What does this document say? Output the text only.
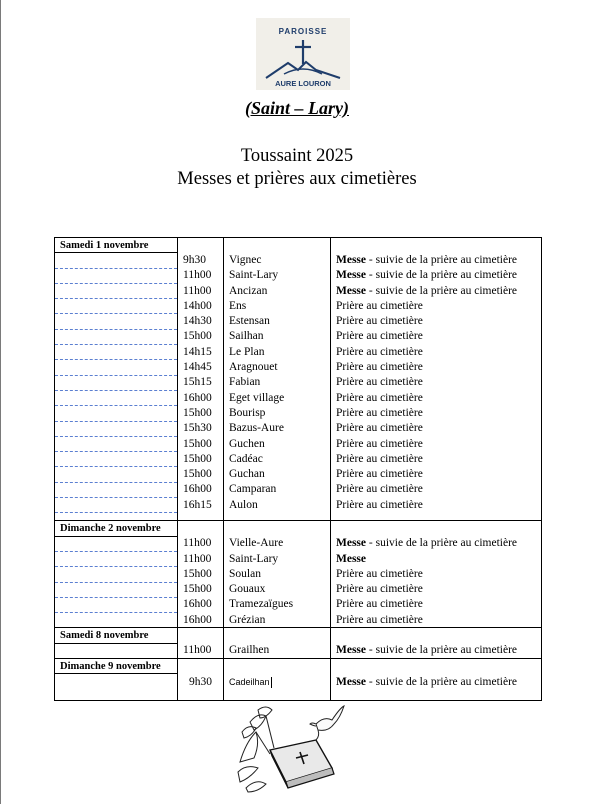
PAROISSE
AURE LOURON
(Saint – Lary)
Toussaint 2025
Messes et prières aux cimetières
Samedi 1 novembre			
	9h30	Vignec	Messe - suivie de la prière au cimetière
	11h00	Saint-Lary	Messe - suivie de la prière au cimetière
	11h00	Ancizan	Messe - suivie de la prière au cimetière
	14h00	Ens	Prière au cimetière
	14h30	Estensan	Prière au cimetière
	15h00	Sailhan	Prière au cimetière
	14h15	Le Plan	Prière au cimetière
	14h45	Aragnouet	Prière au cimetière
	15h15	Fabian	Prière au cimetière
	16h00	Eget village	Prière au cimetière
	15h00	Bourisp	Prière au cimetière
	15h30	Bazus-Aure	Prière au cimetière
	15h00	Guchen	Prière au cimetière
	15h00	Cadéac	Prière au cimetière
	15h00	Guchan	Prière au cimetière
	16h00	Camparan	Prière au cimetière
	16h15	Aulon	Prière au cimetière

Dimanche 2 novembre			
	11h00	Vielle-Aure	Messe - suivie de la prière au cimetière
	11h00	Saint-Lary	Messe
	15h00	Soulan	Prière au cimetière
	15h00	Gouaux	Prière au cimetière
	16h00	Tramezaïgues	Prière au cimetière
	16h00	Grézian	Prière au cimetière
Samedi 8 novembre			
	11h00	Grailhen	Messe - suivie de la prière au cimetière
Dimanche 9 novembre			
	9h30	Cadeilhan	Messe - suivie de la prière au cimetière
